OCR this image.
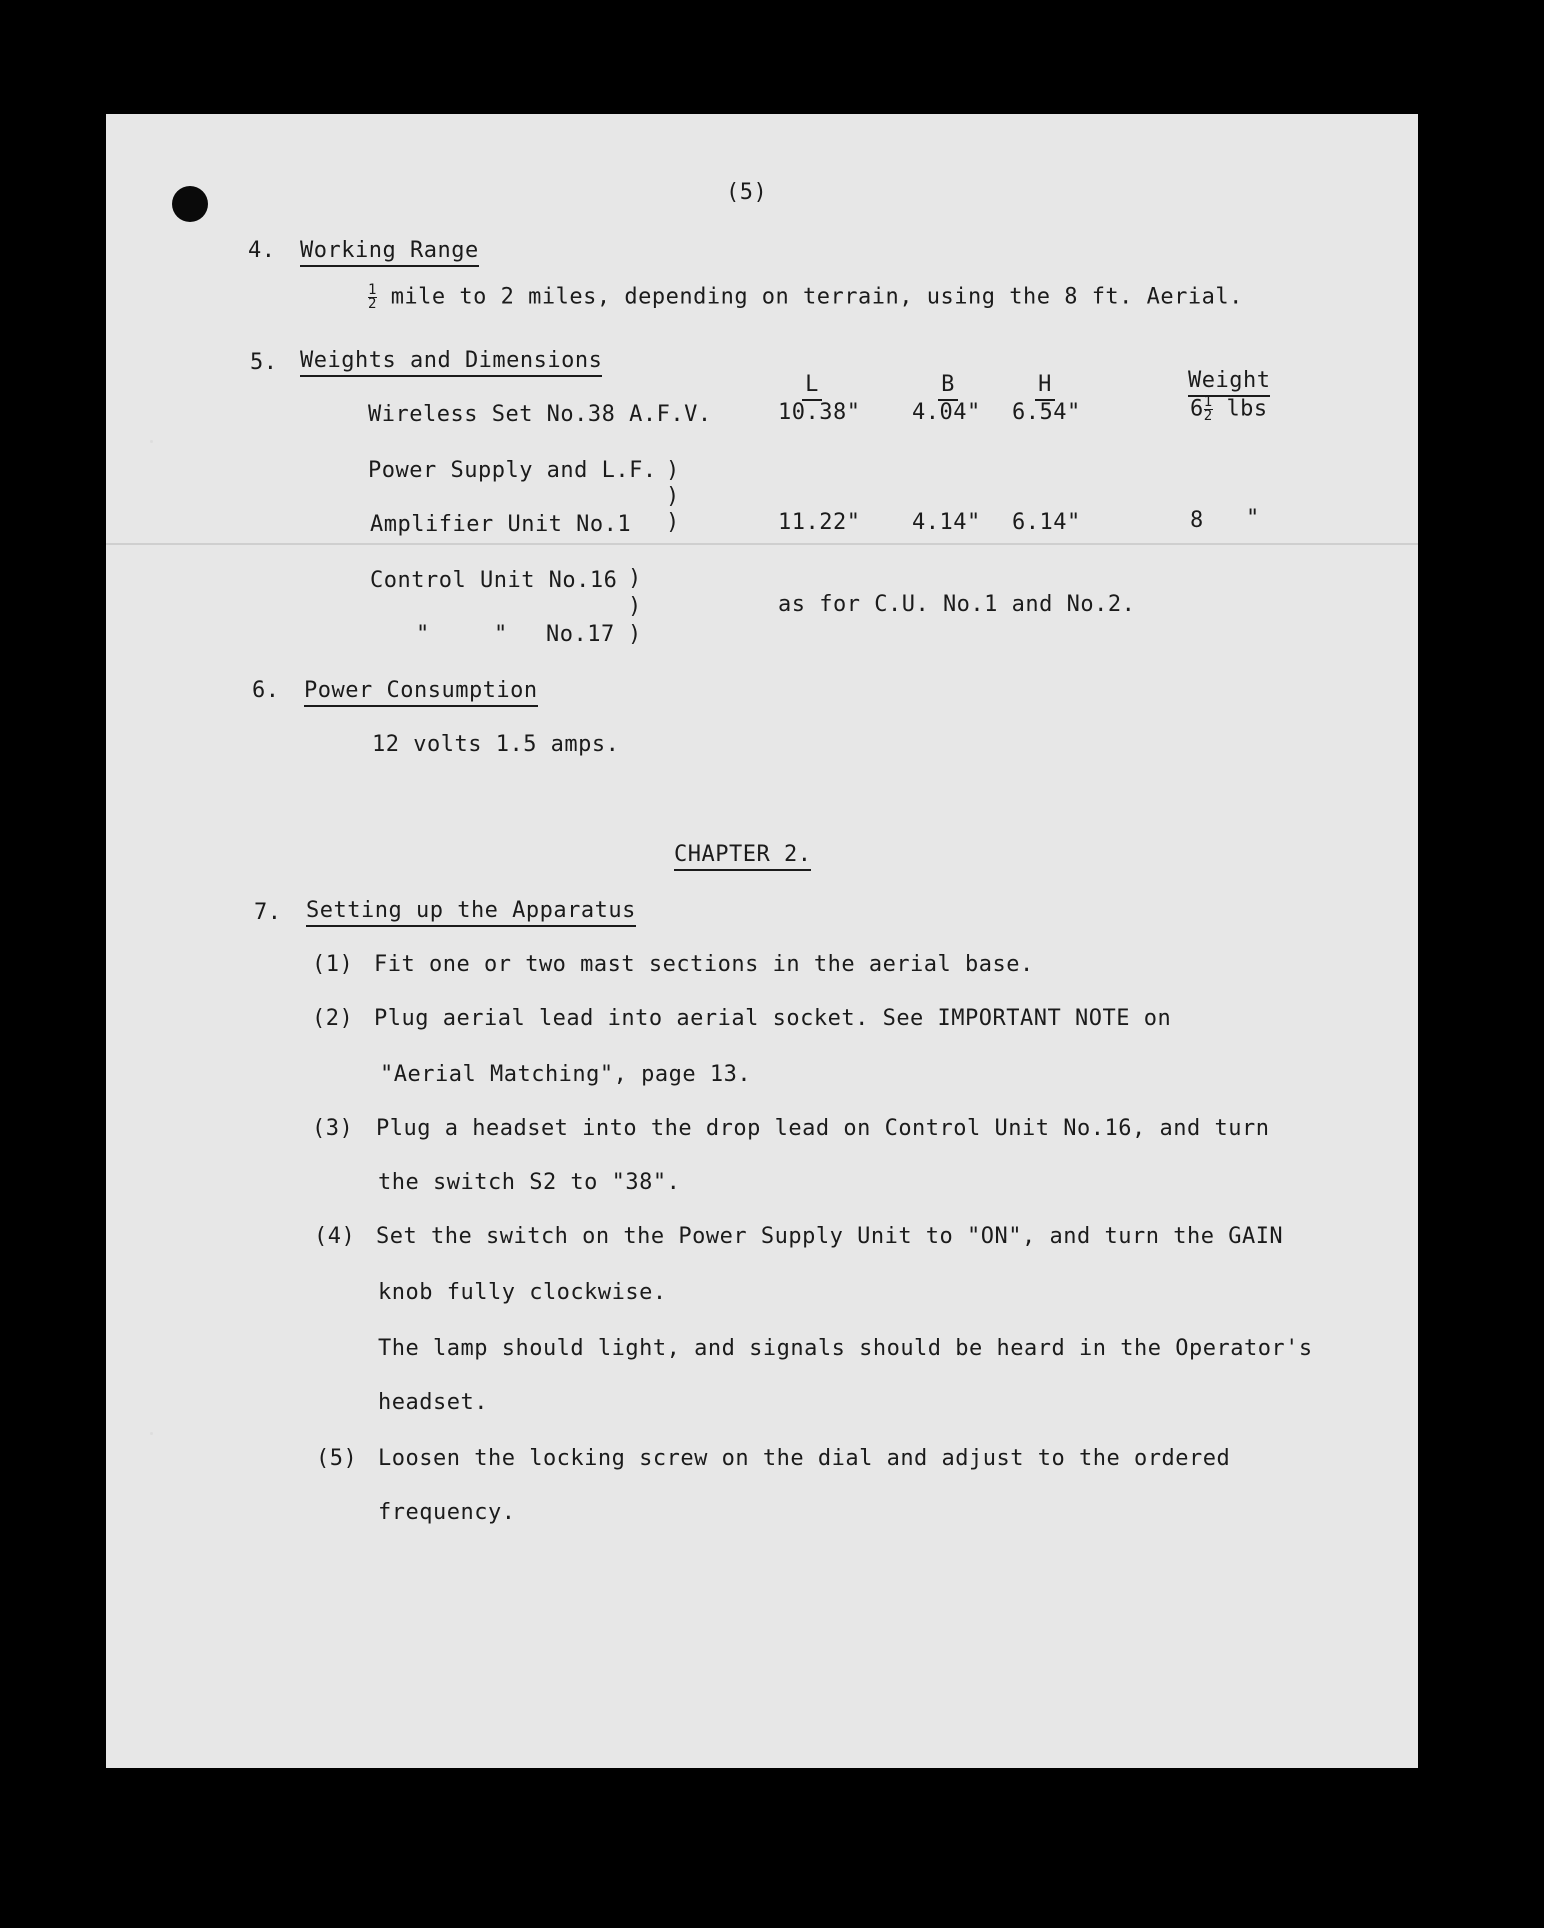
(5)
4. Working Range
$\frac{1}{2}$ mile to 2 miles, depending on terrain, using the 8 ft. Aerial.
5. Weights and Dimensions
L	B	H	Weight
Wireless Set No.38 A.F.V.	10.38" 4.04" 6.54"	$6 \frac{1}{2}$ lbs
Power Supply and L.F. )
)
Amplifier Unit No.1 )	11.22" 4.14" 6.14"	8 "
Control Unit No.16 )
)
"	" No.17 )
as for C.U. No.1 and No.2.
6. Power Consumption
12 volts 1.5 amps.
CHAPTER 2.
7. Setting up the Apparatus
(1) Fit one or two mast sections in the aerial base.
(2) Plug aerial lead into aerial socket. See IMPORTANT NOTE on
"Aerial Matching", page 13.
(3) Plug a headset into the drop lead on Control Unit No.16, and turn
the switch S2 to "38".
(4) Set the switch on the Power Supply Unit to "ON", and turn the GAIN
knob fully clockwise.
The lamp should light, and signals should be heard in the Operator's
headset.
(5) Loosen the locking screw on the dial and adjust to the ordered
frequency.
